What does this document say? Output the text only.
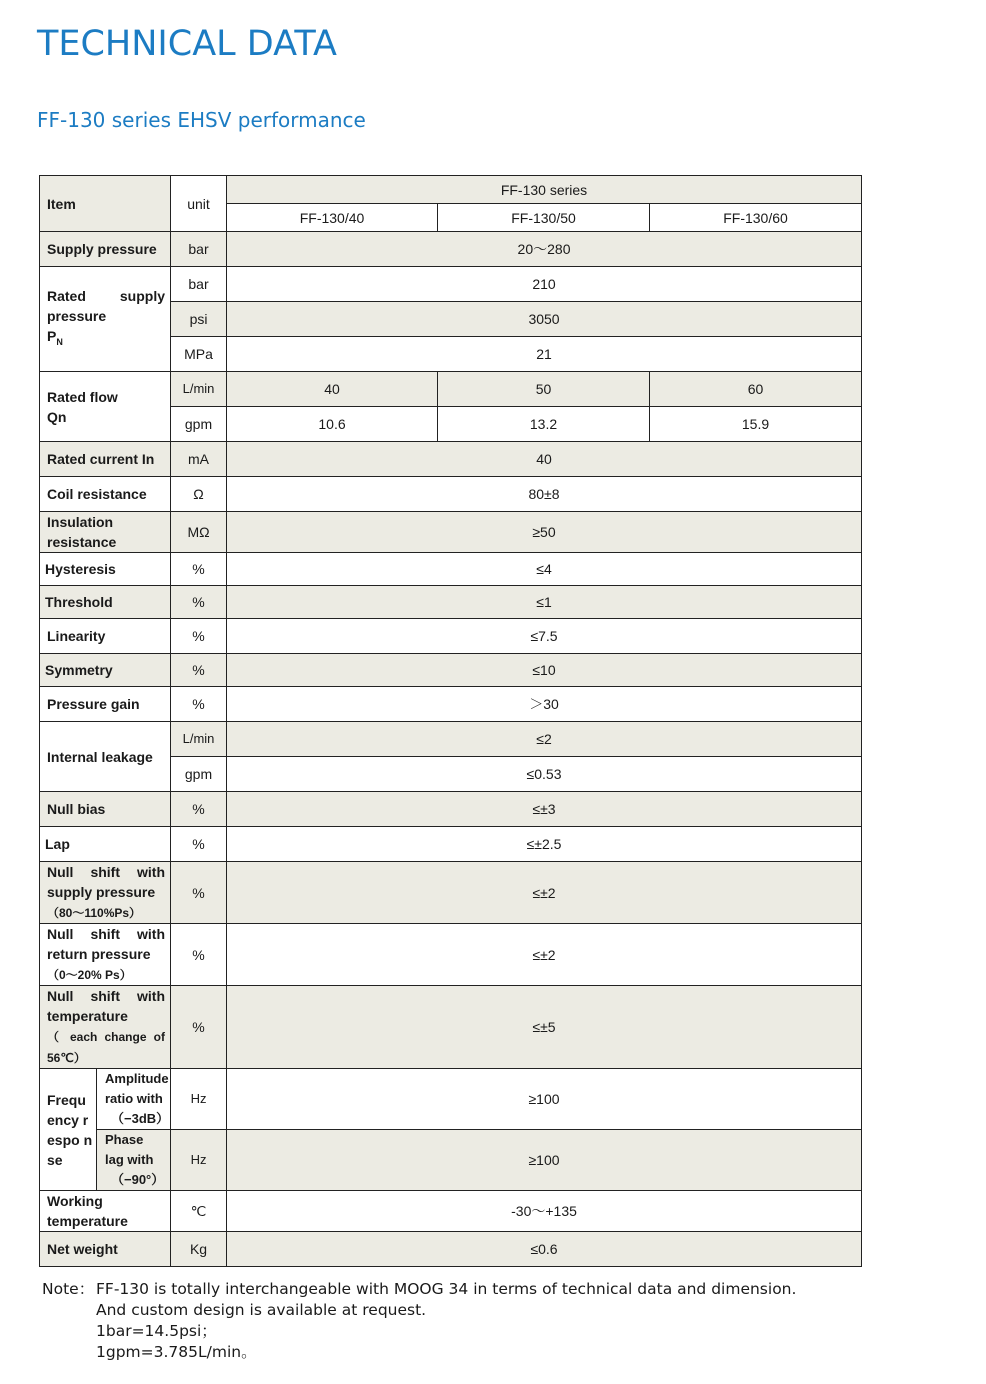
TECHNICAL DATA
FF-130 series EHSV performance
Item		unit	FF-130 series		
			FF-130/40	FF-130/50	FF-130/60
Supply pressure		bar	20～280		
Rated supply pressure
$P_N$		bar	210		
		psi	3050		
		MPa	21		
Rated flow
Qn		L/min	40	50	60
		gpm	10.6	13.2	15.9
Rated current In		mA	40		
Coil resistance		Ω	80±8		
Insulation
resistance		MΩ	≥50		
Hysteresis		%	≤4		
Threshold		%	≤1		
Linearity		%	≤7.5		
Symmetry		%	≤10		
Pressure gain		%	＞30		
Internal leakage		L/min	≤2		
		gpm	≤0.53		
Null bias		%	≤±3		
Lap		%	≤±2.5		
Null shift with supply pressure
（80～110%Ps）		%	≤±2		
Null shift with return pressure
（0～20% Ps）		%	≤±2		
Null shift with temperature
（ each change of 56℃）		%	≤±5		
Frequ ency respo nse	Amplitude ratio with
（−3dB）	Hz	≥100		
	Phase lag with
（−90°）	Hz	≥100		
Working
temperature		℃	-30～+135		
Net weight		Kg	≤0.6		
Note： FF-130 is totally interchangeable with MOOG 34 in terms of technical data and dimension.
And custom design is available at request.
1bar=14.5psi；
1gpm=3.785L/min。
